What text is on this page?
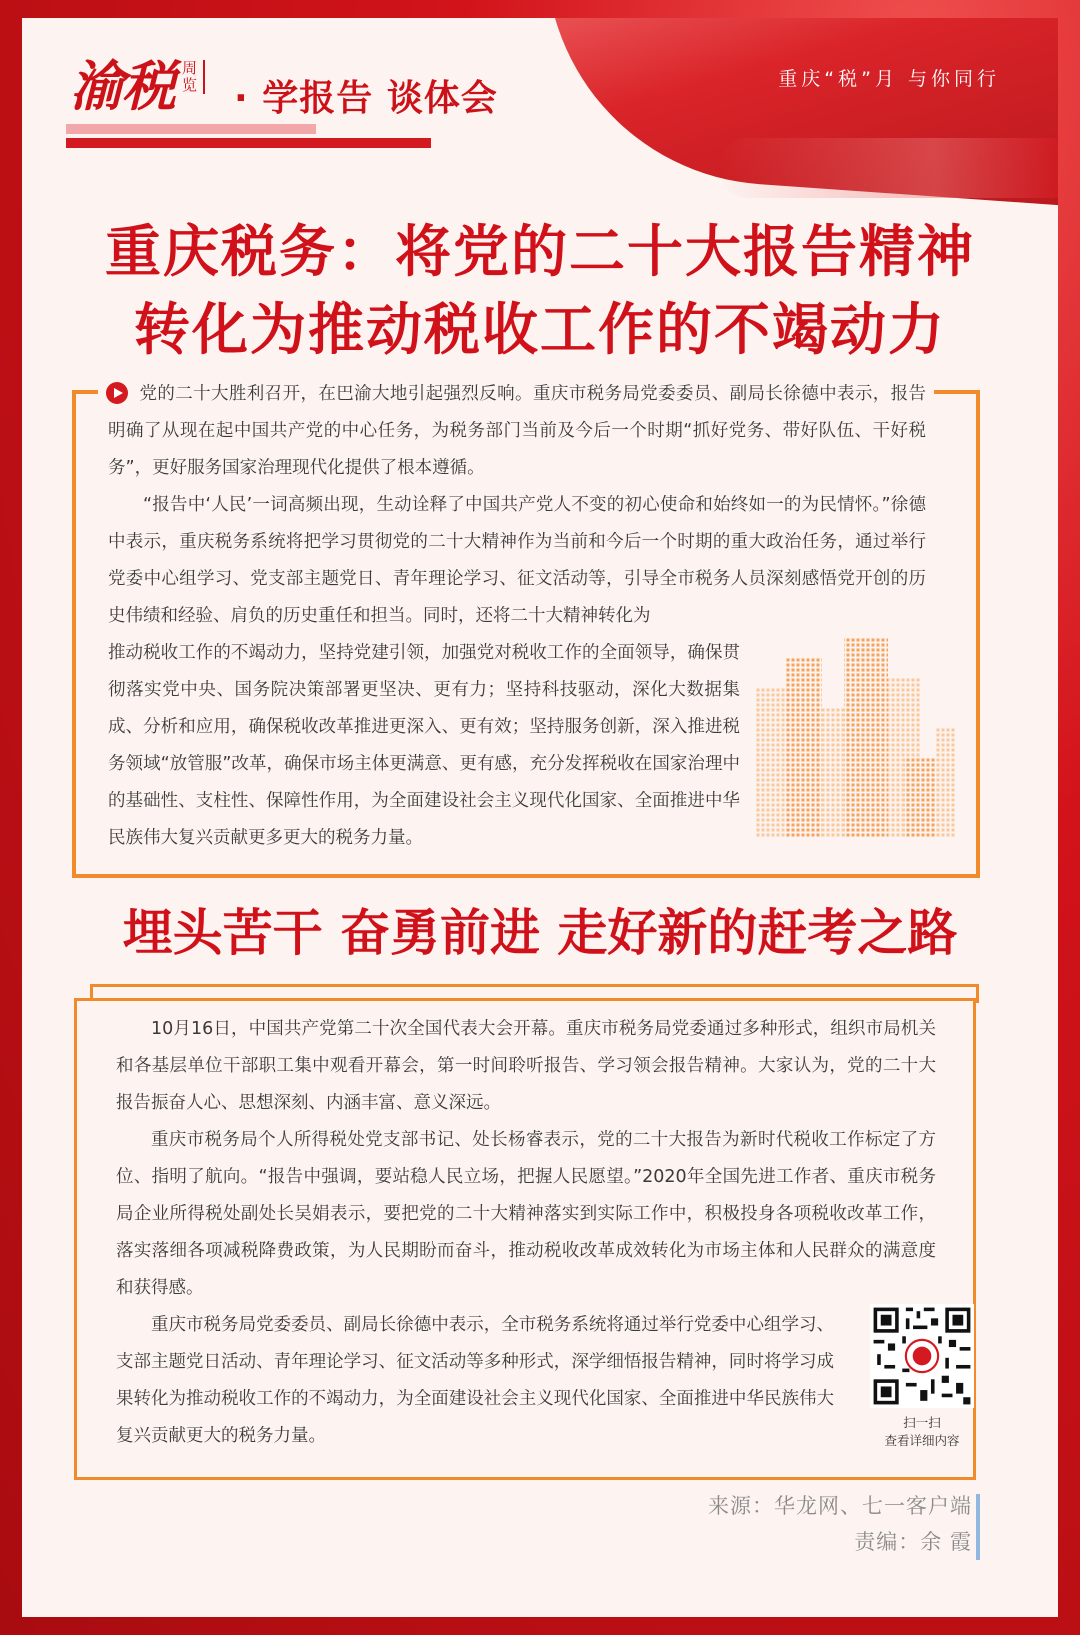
重庆“税”月 与你同行
渝税 周览 · 学报告 谈体会
重庆税务：将党的二十大报告精神
转化为推动税收工作的不竭动力

党的二十大胜利召开，在巴渝大地引起强烈反响。重庆市税务局党委委员、副局长徐德中表示，报告明确了从现在起中国共产党的中心任务，为税务部门当前及今后一个时期“抓好党务、带好队伍、干好税务”，更好服务国家治理现代化提供了根本遵循。

“报告中‘人民’一词高频出现，生动诠释了中国共产党人不变的初心使命和始终如一的为民情怀。”徐德中表示，重庆税务系统将把学习贯彻党的二十大精神作为当前和今后一个时期的重大政治任务，通过举行党委中心组学习、党支部主题党日、青年理论学习、征文活动等，引导全市税务人员深刻感悟党开创的历史伟绩和经验、肩负的历史重任和担当。同时，还将二十大精神转化为

推动税收工作的不竭动力，坚持党建引领，加强党对税收工作的全面领导，确保贯彻落实党中央、国务院决策部署更坚决、更有力；坚持科技驱动，深化大数据集成、分析和应用，确保税收改革推进更深入、更有效；坚持服务创新，深入推进税务领域“放管服”改革，确保市场主体更满意、更有感，充分发挥税收在国家治理中的基础性、支柱性、保障性作用，为全面建设社会主义现代化国家、全面推进中华民族伟大复兴贡献更多更大的税务力量。

埋头苦干 奋勇前进 走好新的赶考之路

10月16日，中国共产党第二十次全国代表大会开幕。重庆市税务局党委通过多种形式，组织市局机关和各基层单位干部职工集中观看开幕会，第一时间聆听报告、学习领会报告精神。大家认为，党的二十大报告振奋人心、思想深刻、内涵丰富、意义深远。

重庆市税务局个人所得税处党支部书记、处长杨睿表示，党的二十大报告为新时代税收工作标定了方位、指明了航向。“报告中强调，要站稳人民立场，把握人民愿望。”2020年全国先进工作者、重庆市税务局企业所得税处副处长吴娟表示，要把党的二十大精神落实到实际工作中，积极投身各项税收改革工作，落实落细各项减税降费政策，为人民期盼而奋斗，推动税收改革成效转化为市场主体和人民群众的满意度和获得感。

重庆市税务局党委委员、副局长徐德中表示，全市税务系统将通过举行党委中心组学习、支部主题党日活动、青年理论学习、征文活动等多种形式，深学细悟报告精神，同时将学习成果转化为推动税收工作的不竭动力，为全面建设社会主义现代化国家、全面推进中华民族伟大复兴贡献更大的税务力量。

扫一扫
查看详细内容
来源：华龙网、七一客户端
责编：余 霞
